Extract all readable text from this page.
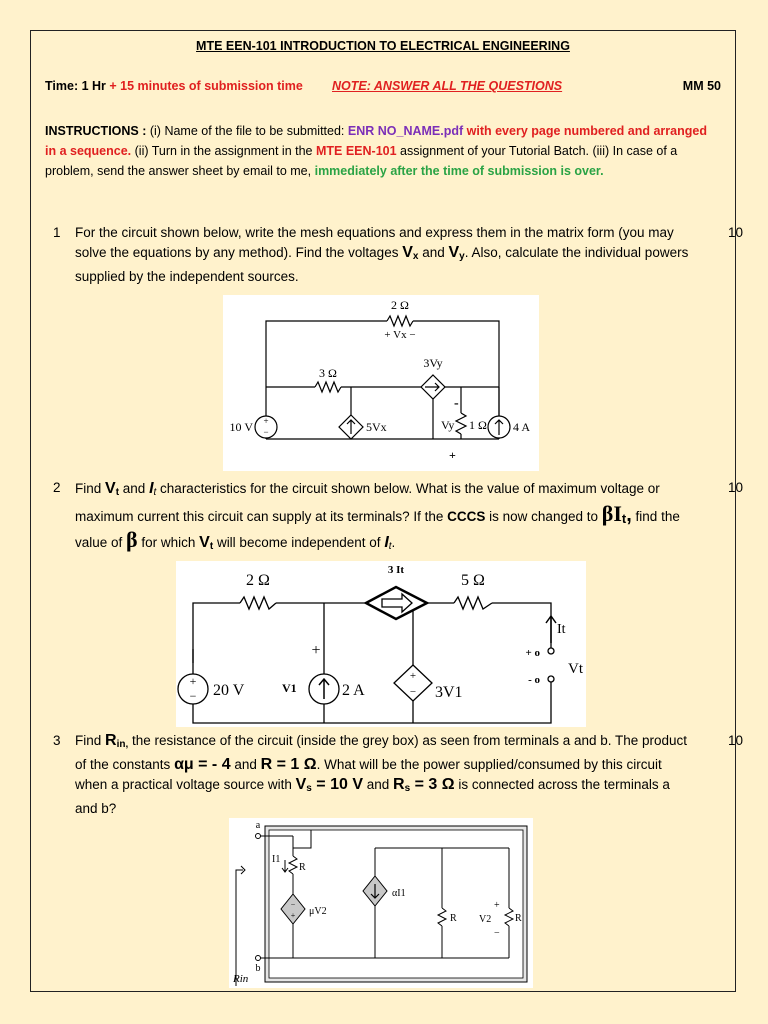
MTE EEN-101 INTRODUCTION TO ELECTRICAL ENGINEERING
Time: 1 Hr + 15 minutes of submission time NOTE: ANSWER ALL THE QUESTIONS	MM 50
INSTRUCTIONS : (i) Name of the file to be submitted: ENR NO_NAME.pdf with every page numbered and arranged in a sequence. (ii) Turn in the assignment in the MTE EEN-101 assignment of your Tutorial Batch. (iii) In case of a problem, send the answer sheet by email to me, immediately after the time of submission is over.
1 For the circuit shown below, write the mesh equations and express them in the matrix form (you may solve the equations by any method). Find the voltages $V_x$ and $V_y$. Also, calculate the individual powers supplied by the independent sources.
10
2 Ω
+ Vx −
3 Ω
3Vy
10 V +
−	5Vx	Vy 1 Ω 4 A
-
+
2 Find $V_t$ and $I_t$ characteristics for the circuit shown below. What is the value of maximum voltage or maximum current this circuit can supply at its terminals? If the CCCS is now changed to βIt, find the value of β for which $V_t$ will become independent of $I_t$.
10
+
−
+
−
3 It
2 Ω	5 Ω
+
20 V	V1	2 A	3V1
+ o
- o
Vt
It
3 Find $R_{in,}$ the resistance of the circuit (inside the grey box) as seen from terminals a and b. The product of the constants αμ = - 4 and R = 1 Ω. What will be the power supplied/consumed by this circuit when a practical voltage source with $V_s = 10$ V and $R_s = 3$ Ω is connected across the terminals a and b?
10
−
+
a
b
I1
R
μV2
αI1
R V2 R
+
−
Rin
